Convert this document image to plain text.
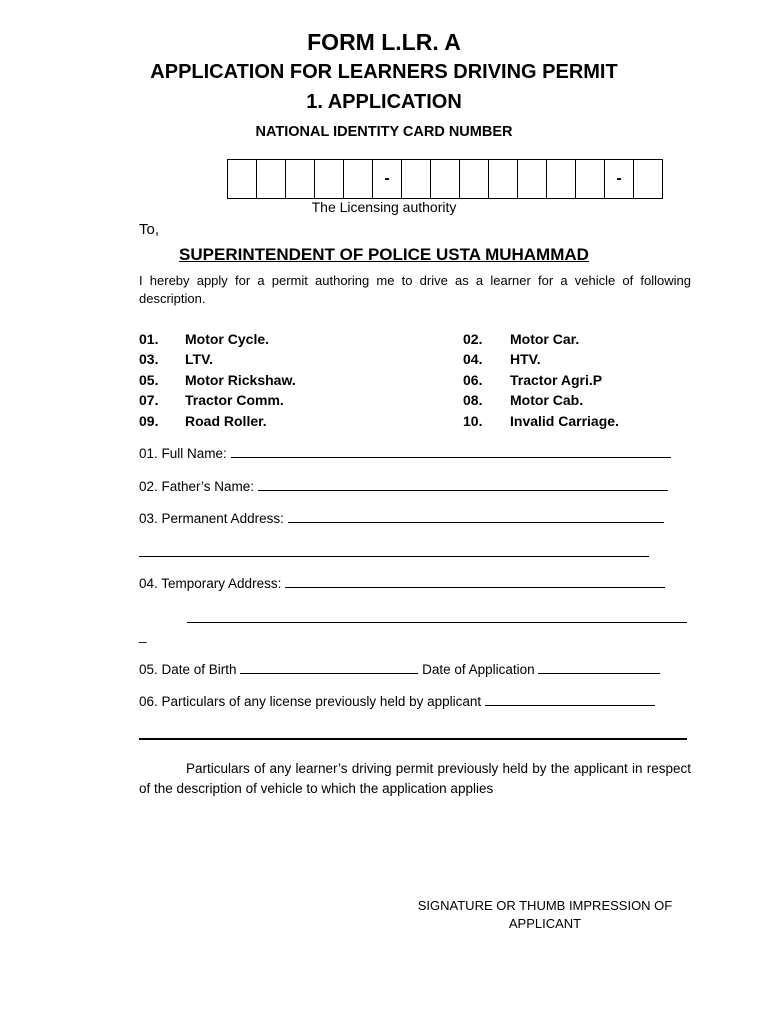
FORM L.LR. A
APPLICATION FOR LEARNERS DRIVING PERMIT
1. APPLICATION
NATIONAL IDENTITY CARD NUMBER
-	-
The Licensing authority
To,
SUPERINTENDENT OF POLICE USTA MUHAMMAD
I hereby apply for a permit authoring me to drive as a learner for a vehicle of following description.
01. Motor Cycle.	02. Motor Car.
03. LTV.	04. HTV.
05. Motor Rickshaw.	06. Tractor Agri.P
07. Tractor Comm.	08. Motor Cab.
09. Road Roller.	10. Invalid Carriage.
01. Full Name:
02. Father’s Name:
03. Permanent Address:
04. Temporary Address:
_
05. Date of Birth	Date of Application
06. Particulars of any license previously held by applicant
Particulars of any learner’s driving permit previously held by the applicant in respect of the description of vehicle to which the application applies
SIGNATURE OR THUMB IMPRESSION OF
APPLICANT
